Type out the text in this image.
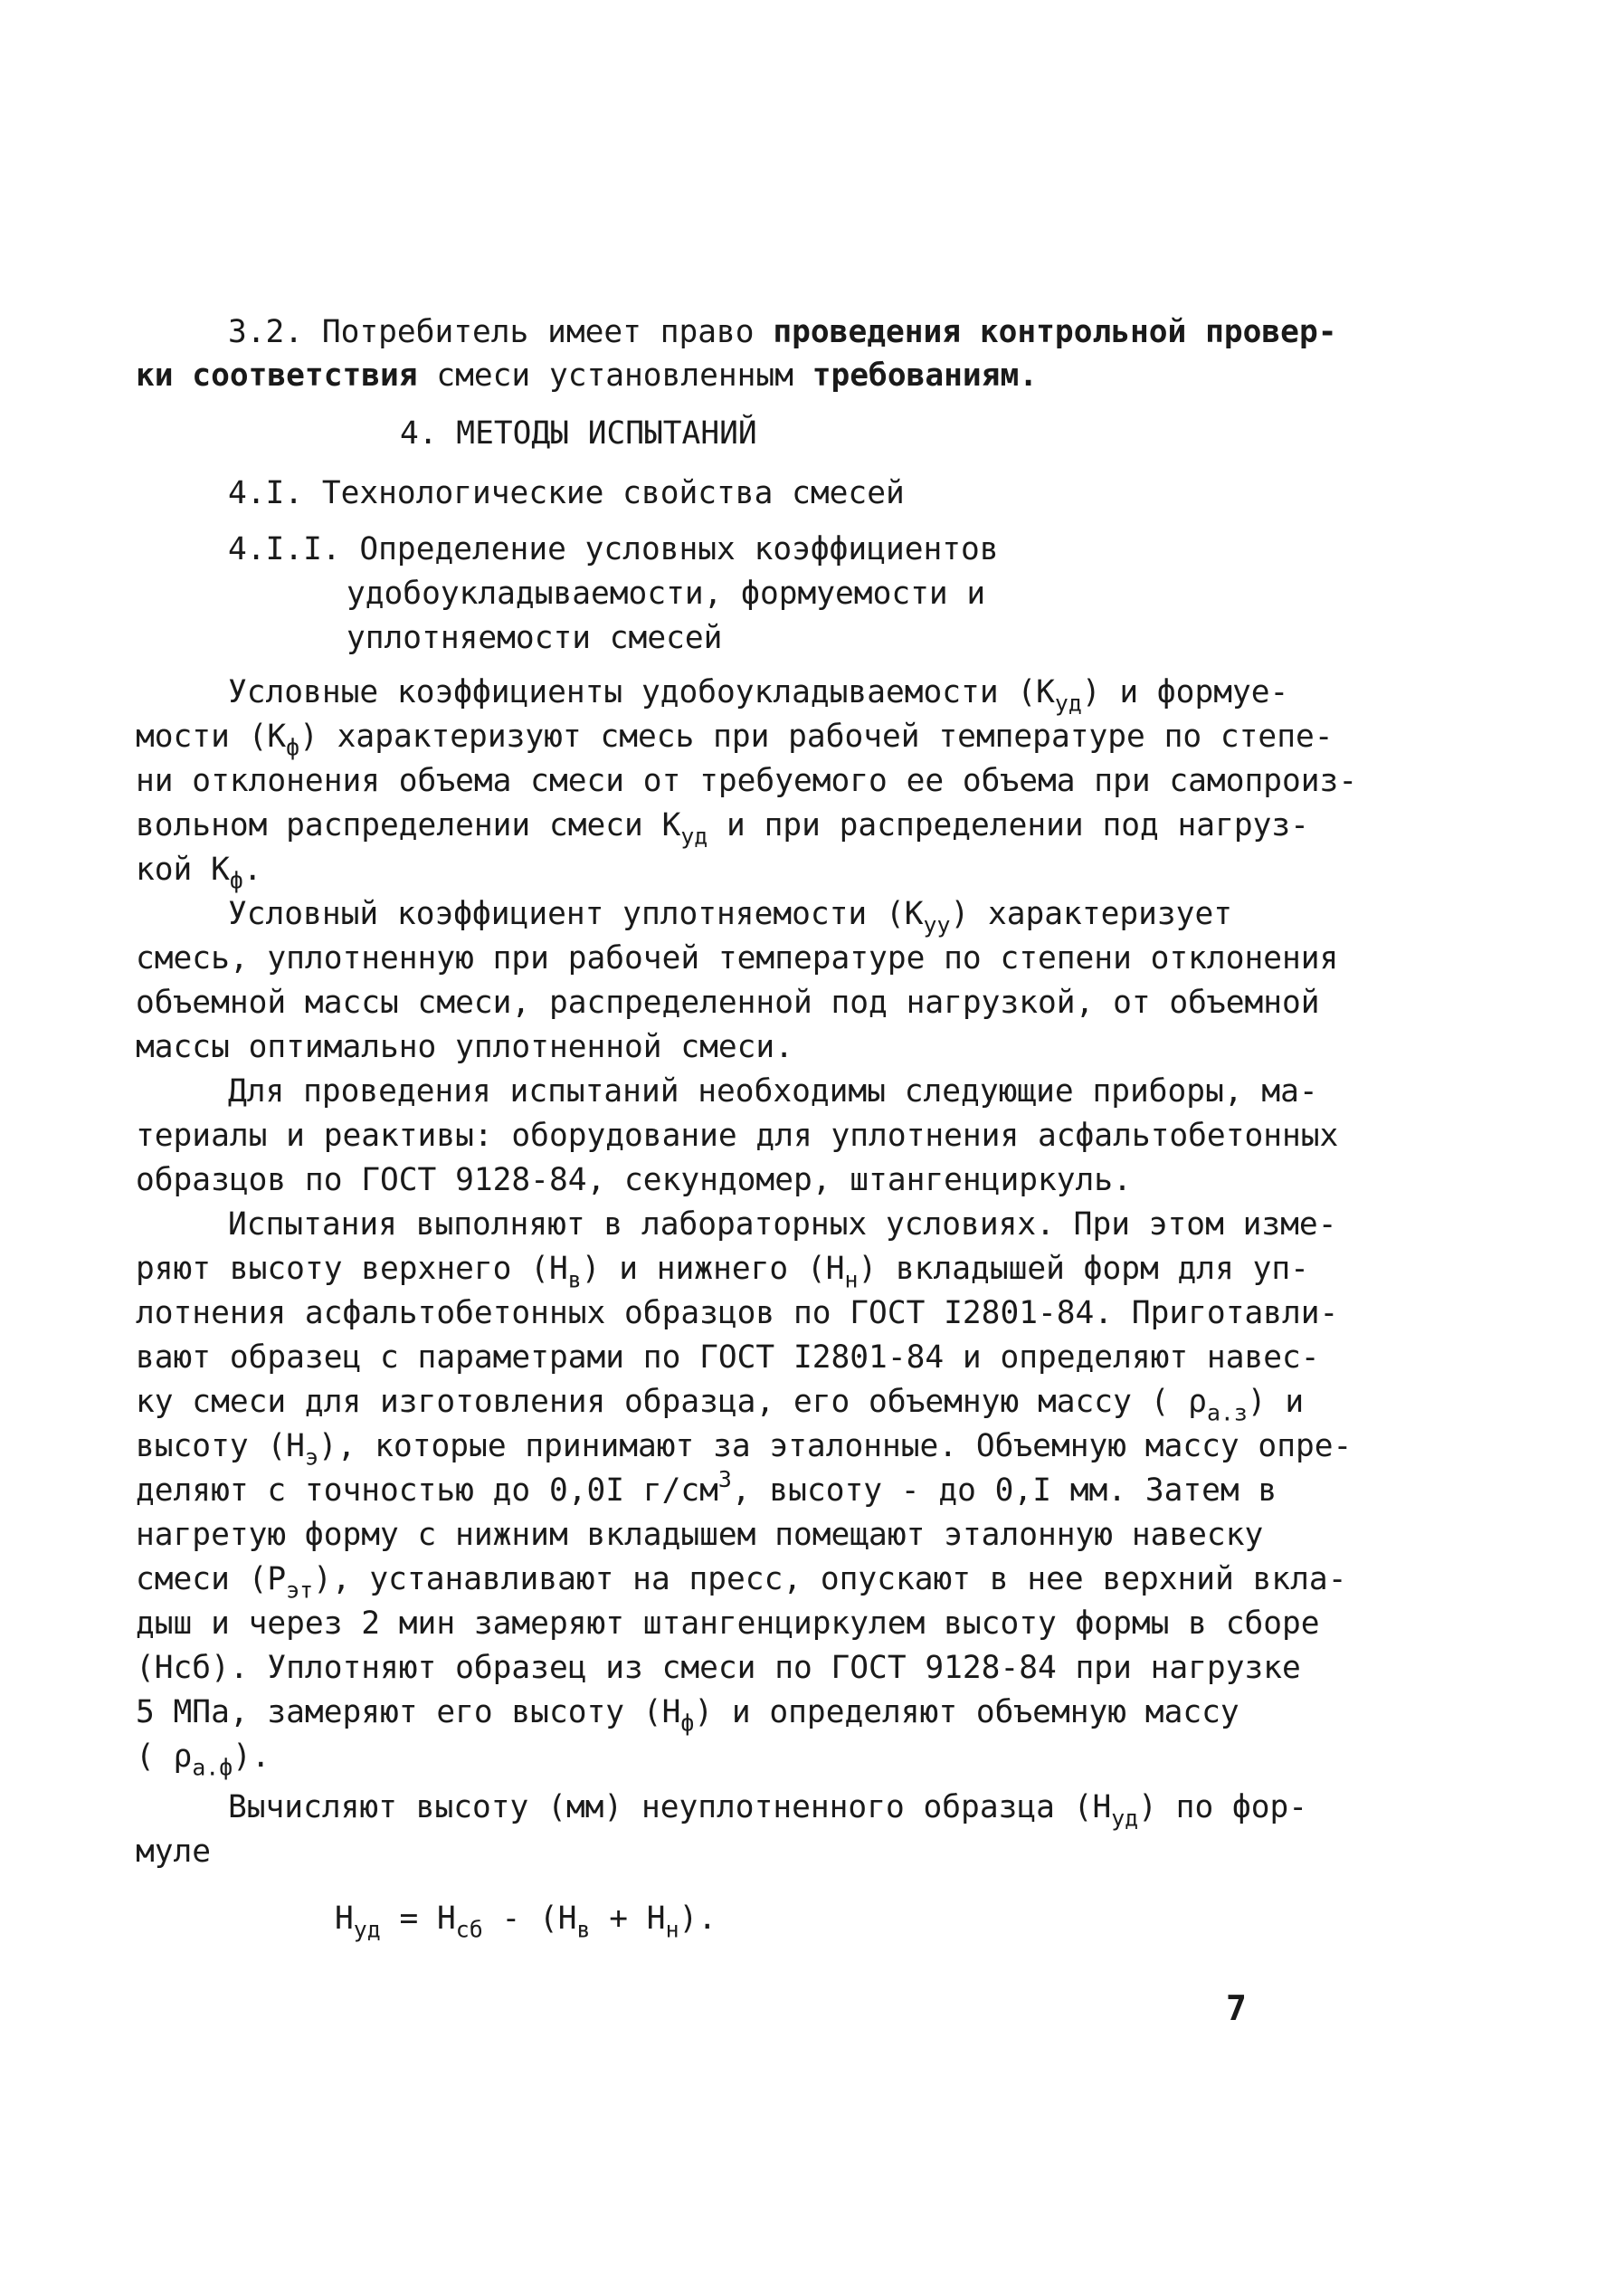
3.2. Потребитель имеет право проведения контрольной провер-
ки соответствия смеси установленным требованиям.
4. МЕТОДЫ ИСПЫТАНИЙ
4.I. Технологические свойства смесей
4.I.I. Определение условных коэффициентов
удобоукладываемости, формуемости и
уплотняемости смесей
Условные коэффициенты удобоукладываемости $(К_{уд})$ и формуе-
мости $(К_ф)$ характеризуют смесь при рабочей температуре по степе-
ни отклонения объема смеси от требуемого ее объема при самопроиз-
вольном распределении смеси $К_{уд}$ и при распределении под нагруз-
кой $К_ф$.
Условный коэффициент уплотняемости $(К_{уу})$ характеризует
смесь, уплотненную при рабочей температуре по степени отклонения
объемной массы смеси, распределенной под нагрузкой, от объемной
массы оптимально уплотненной смеси.
Для проведения испытаний необходимы следующие приборы, ма-
териалы и реактивы: оборудование для уплотнения асфальтобетонных
образцов по ГОСТ 9128-84, секундомер, штангенциркуль.
Испытания выполняют в лабораторных условиях. При этом изме-
ряют высоту верхнего $(Н_в)$ и нижнего $(Н_н)$ вкладышей форм для уп-
лотнения асфальтобетонных образцов по ГОСТ I2801-84. Приготавли-
вают образец с параметрами по ГОСТ I2801-84 и определяют навес-
ку смеси для изготовления образца, его объемную массу ( $\rho_{а.з}$) и
высоту $(Н_э)$, которые принимают за эталонные. Объемную массу опре-
деляют с точностью до 0,0I $г/см^3$, высоту - до 0,I мм. Затем в
нагретую форму с нижним вкладышем помещают эталонную навеску
смеси $(Р_{эт})$, устанавливают на пресс, опускают в нее верхний вкла-
дыш и через 2 мин замеряют штангенциркулем высоту формы в сборе
(Нсб). Уплотняют образец из смеси по ГОСТ 9128-84 при нагрузке
5 МПа, замеряют его высоту $(Н_ф)$ и определяют объемную массу
( $\rho_{а.ф}$).
Вычисляют высоту (мм) неуплотненного образца $(Н_{уд})$ по фор-
муле
$Н_{уд} = Н_{сб} - (Н_в + Н_н)$.
7
